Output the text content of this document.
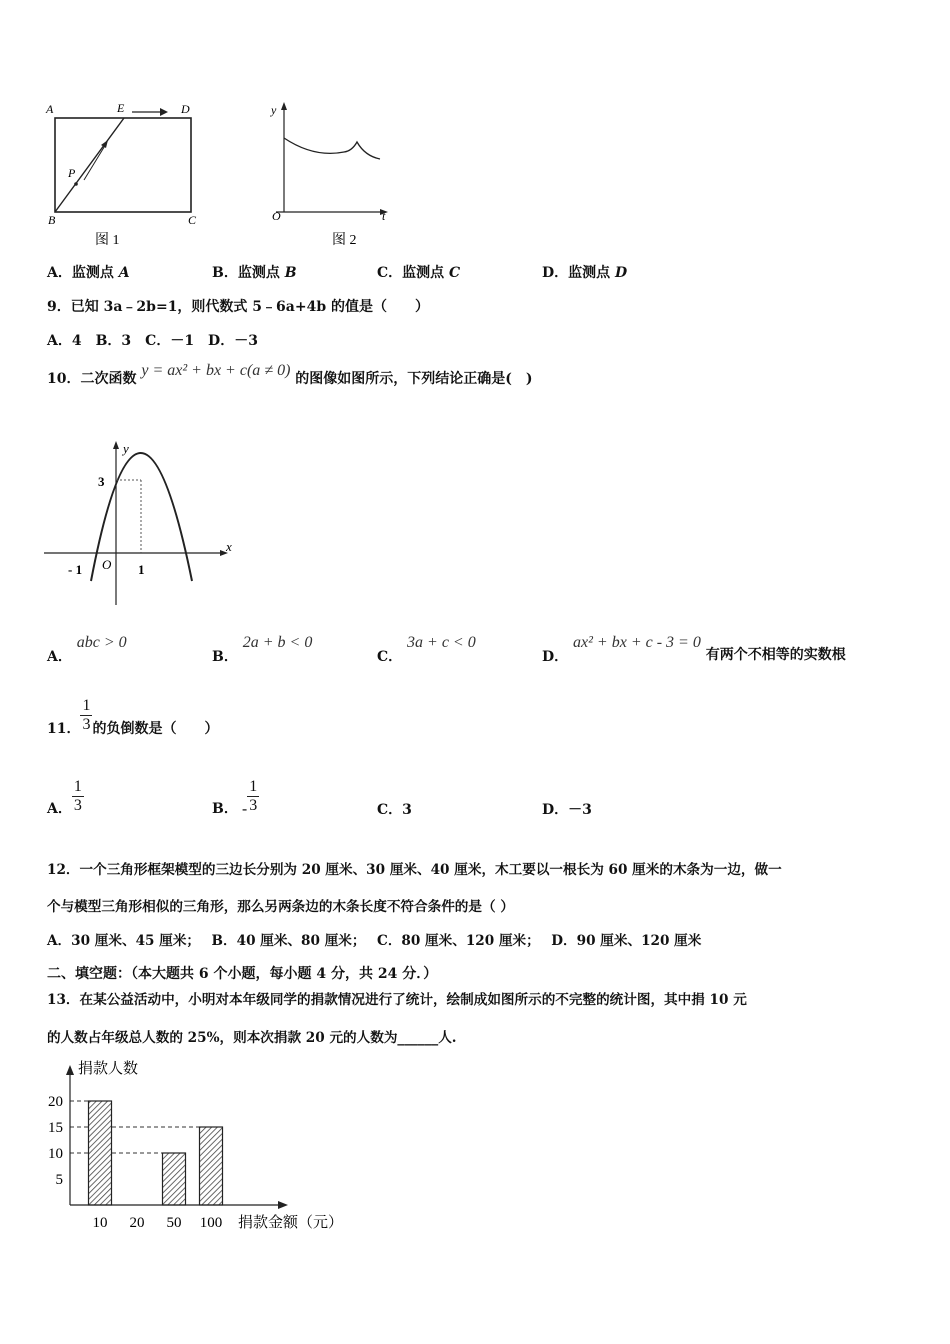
A	E	D
P
B	C
图 1
y
O	t
图 2
A．监测点 A	B．监测点 B	C．监测点 C	D．监测点 D
9．已知 3a﹣2b=1，则代数式 5﹣6a+4b 的值是（　　）
A．4　B．3　C．－1　D．－3
10．二次函数 y = ax² + bx + c(a ≠ 0) 的图像如图所示，下列结论正确是(　)
y
x
3
O 1
- 1
A． abc > 0
B． 2a + b < 0
C． 3a + c < 0
D． ax² + bx + c - 3 = 0 有两个不相等的实数根
11． $\frac{1}{3}$ 的负倒数是（　　）
A． $\frac{1}{3}$	B． - $\frac{1}{3}$	C．3	D．－3
12．一个三角形框架模型的三边长分别为 20 厘米、30 厘米、40 厘米，木工要以一根长为 60 厘米的木条为一边，做一
个与模型三角形相似的三角形，那么另两条边的木条长度不符合条件的是（ ）
A．30 厘米、45 厘米；　 B．40 厘米、80 厘米；　 C．80 厘米、120 厘米；　 D．90 厘米、120 厘米
二、填空题：（本大题共 6 个小题，每小题 4 分，共 24 分．）
13．在某公益活动中，小明对本年级同学的捐款情况进行了统计，绘制成如图所示的不完整的统计图，其中捐 10 元
的人数占年级总人数的 25%，则本次捐款 20 元的人数为______人.
捐款人数
捐款金额（元）
5
10
15
20
10 20 50 100
